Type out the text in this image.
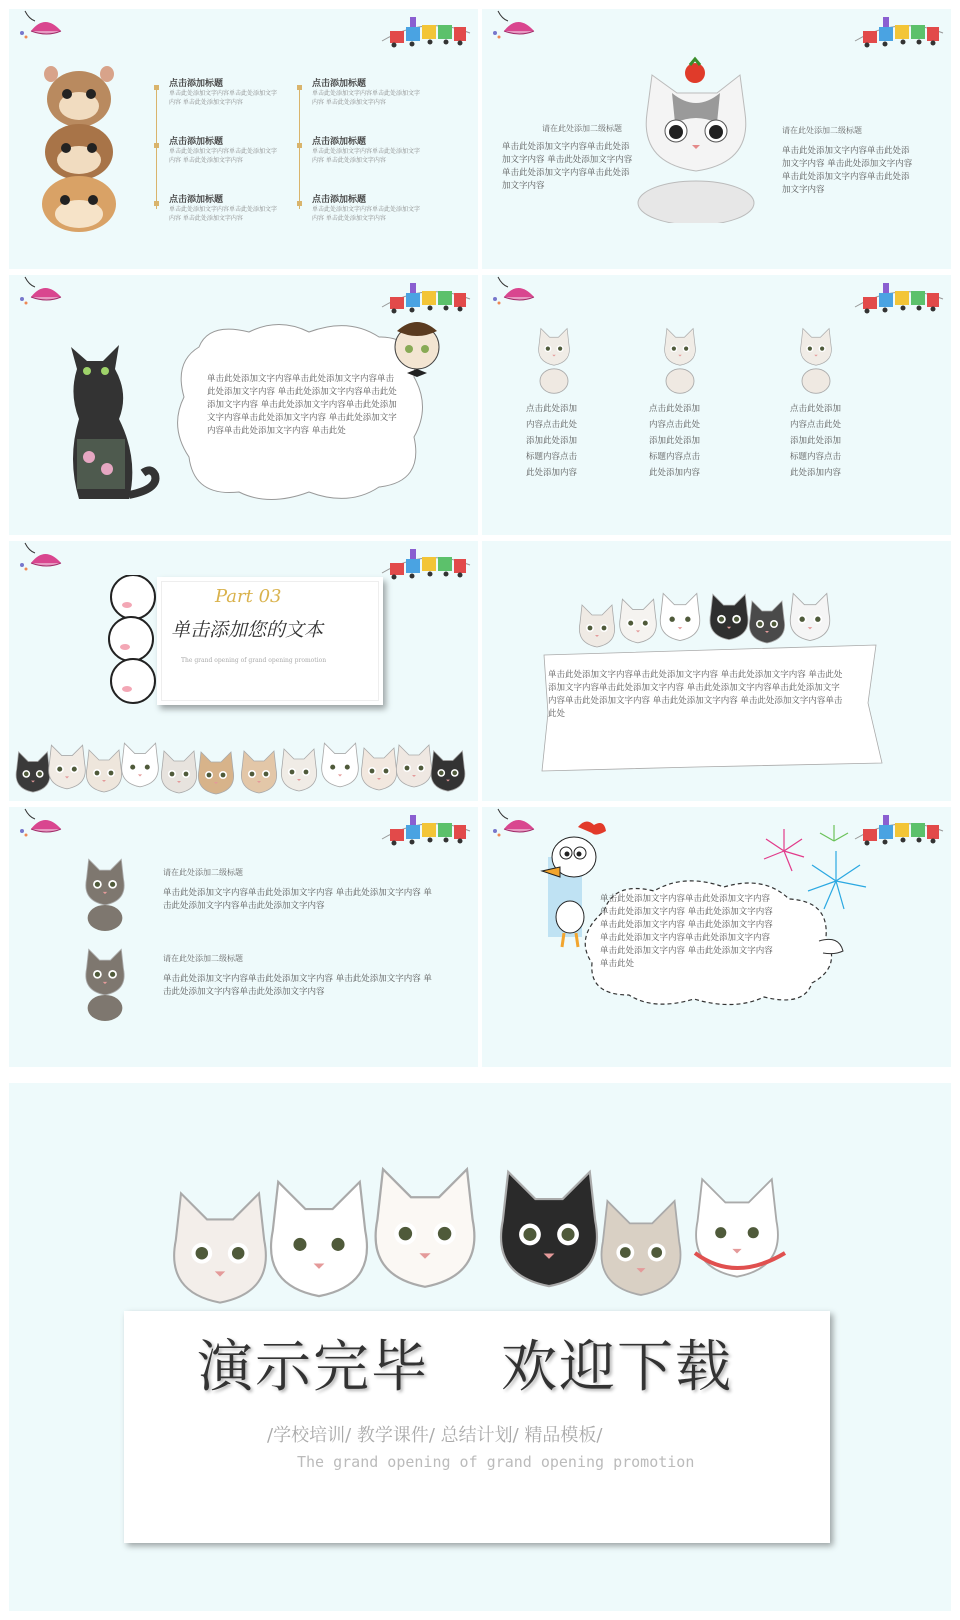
点击添加标题

单击此处添加文字内容单击此处添加文字内容 单击此处添加文字内容

点击添加标题

单击此处添加文字内容单击此处添加文字内容 单击此处添加文字内容

点击添加标题

单击此处添加文字内容单击此处添加文字内容 单击此处添加文字内容

点击添加标题

单击此处添加文字内容单击此处添加文字内容 单击此处添加文字内容

点击添加标题

单击此处添加文字内容单击此处添加文字内容 单击此处添加文字内容

点击添加标题

单击此处添加文字内容单击此处添加文字内容 单击此处添加文字内容

请在此处添加二级标题

单击此处添加文字内容单击此处添加文字内容 单击此处添加文字内容 单击此处添加文字内容单击此处添加文字内容

请在此处添加二级标题

单击此处添加文字内容单击此处添加文字内容 单击此处添加文字内容 单击此处添加文字内容单击此处添加文字内容

单击此处添加文字内容单击此处添加文字内容单击此处添加文字内容 单击此处添加文字内容单击此处添加文字内容 单击此处添加文字内容单击此处添加文字内容单击此处添加文字内容 单击此处添加文字内容单击此处添加文字内容 单击此处

点击此处添加内容点击此处添加此处添加标题内容点击此处添加内容

点击此处添加内容点击此处添加此处添加标题内容点击此处添加内容

点击此处添加内容点击此处添加此处添加标题内容点击此处添加内容

Part 03

单击添加您的文本

The grand opening of grand opening promotion

单击此处添加文字内容单击此处添加文字内容 单击此处添加文字内容 单击此处添加文字内容单击此处添加文字内容 单击此处添加文字内容单击此处添加文字内容单击此处添加文字内容 单击此处添加文字内容 单击此处添加文字内容单击此处

请在此处添加二级标题

单击此处添加文字内容单击此处添加文字内容 单击此处添加文字内容 单击此处添加文字内容单击此处添加文字内容

请在此处添加二级标题

单击此处添加文字内容单击此处添加文字内容 单击此处添加文字内容 单击此处添加文字内容单击此处添加文字内容

单击此处添加文字内容单击此处添加文字内容 单击此处添加文字内容 单击此处添加文字内容单击此处添加文字内容 单击此处添加文字内容单击此处添加文字内容单击此处添加文字内容 单击此处添加文字内容 单击此处添加文字内容单击此处

演示完毕 欢迎下载

/学校培训/ 教学课件/ 总结计划/ 精品模板/

The grand opening of grand opening promotion
